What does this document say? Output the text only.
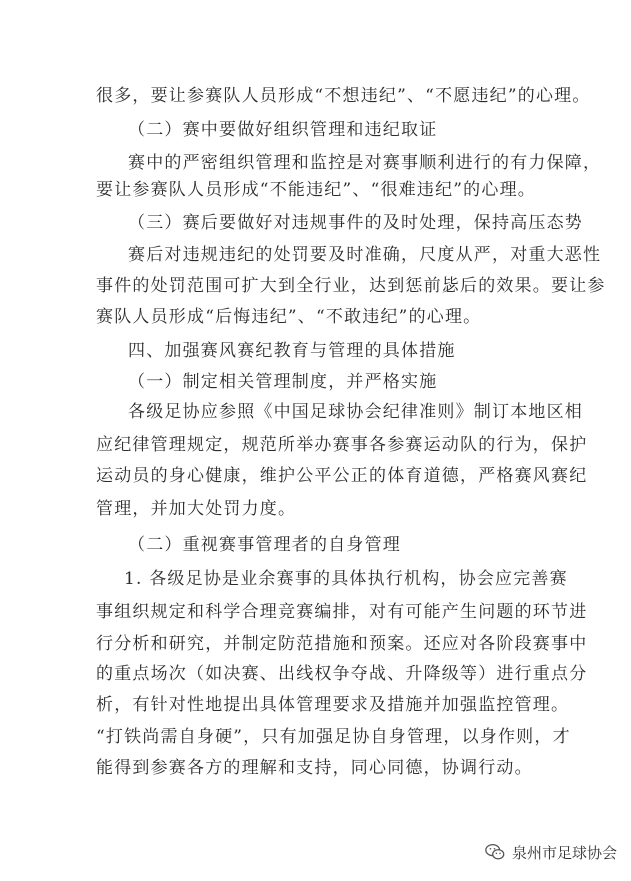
很多，要让参赛队人员形成“不想违纪”、“不愿违纪”的心理。
（二）赛中要做好组织管理和违纪取证
赛中的严密组织管理和监控是对赛事顺利进行的有力保障，
要让参赛队人员形成“不能违纪”、“很难违纪”的心理。
（三）赛后要做好对违规事件的及时处理，保持高压态势
赛后对违规违纪的处罚要及时准确，尺度从严，对重大恶性
事件的处罚范围可扩大到全行业，达到惩前毖后的效果。要让参
赛队人员形成“后悔违纪”、“不敢违纪”的心理。
四、加强赛风赛纪教育与管理的具体措施
（一）制定相关管理制度，并严格实施
各级足协应参照《中国足球协会纪律准则》制订本地区相
应纪律管理规定，规范所举办赛事各参赛运动队的行为，保护
运动员的身心健康，维护公平公正的体育道德，严格赛风赛纪
管理，并加大处罚力度。
（二）重视赛事管理者的自身管理
1. 各级足协是业余赛事的具体执行机构，协会应完善赛
事组织规定和科学合理竞赛编排，对有可能产生问题的环节进
行分析和研究，并制定防范措施和预案。还应对各阶段赛事中
的重点场次（如决赛、出线权争夺战、升降级等）进行重点分
析，有针对性地提出具体管理要求及措施并加强监控管理。
“打铁尚需自身硬”，只有加强足协自身管理，以身作则，才
能得到参赛各方的理解和支持，同心同德，协调行动。
泉州市足球协会
